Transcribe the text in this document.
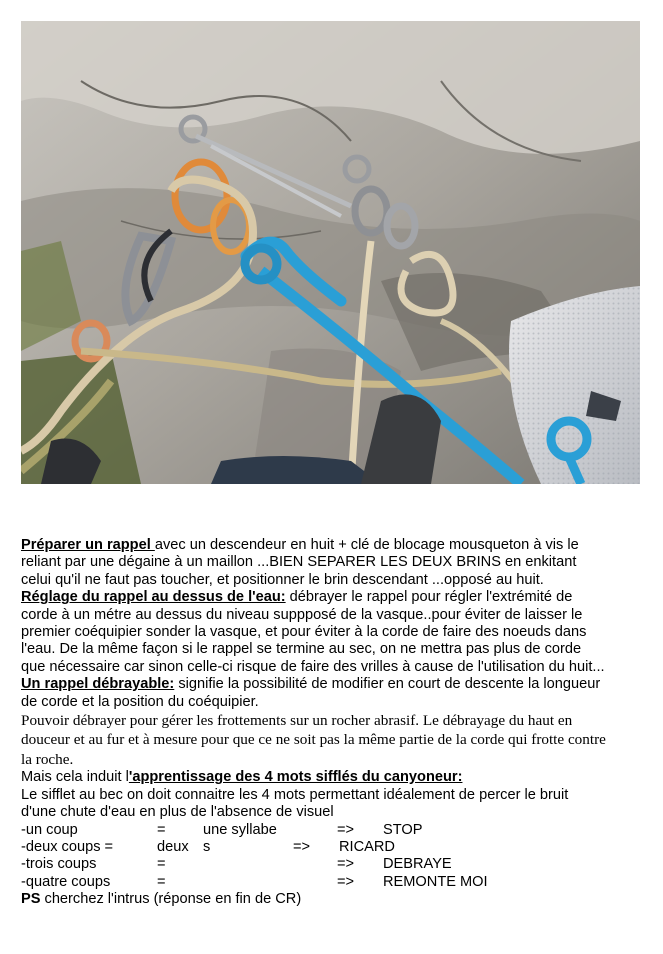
Préparer un rappel avec un descendeur en huit + clé de blocage mousqueton à vis le

reliant par une dégaine à un maillon ...BIEN SEPARER LES DEUX BRINS en enkitant

celui qu'il ne faut pas toucher, et positionner le brin descendant ...opposé au huit.

Réglage du rappel au dessus de l'eau: débrayer le rappel pour régler l'extrémité de

corde à un métre au dessus du niveau suppposé de la vasque..pour éviter de laisser le

premier coéquipier sonder la vasque, et pour éviter à la corde de faire des noeuds dans

l'eau. De la même façon si le rappel se termine au sec, on ne mettra pas plus de corde

que nécessaire car sinon celle-ci risque de faire des vrilles à cause de l'utilisation du huit...

Un rappel débrayable: signifie la possibilité de modifier en court de descente la longueur

de corde et la position du coéquipier.

Pouvoir débrayer pour gérer les frottements sur un rocher abrasif. Le débrayage du haut en

douceur et au fur et à mesure pour que ce ne soit pas la même partie de la corde qui frotte contre

la roche.

Mais cela induit l'apprentissage des 4 mots sifflés du canyoneur:

Le sifflet au bec on doit connaitre les 4 mots permettant idéalement de percer le bruit

d'une chute d'eau en plus de l'absence de visuel

-un coup	=	une syllabe	=> STOP
-deux coups =	deux s	=> RICARD
-trois coups	=	=> DEBRAYE
-quatre coups	=	=> REMONTE MOI

PS cherchez l'intrus (réponse en fin de CR)
